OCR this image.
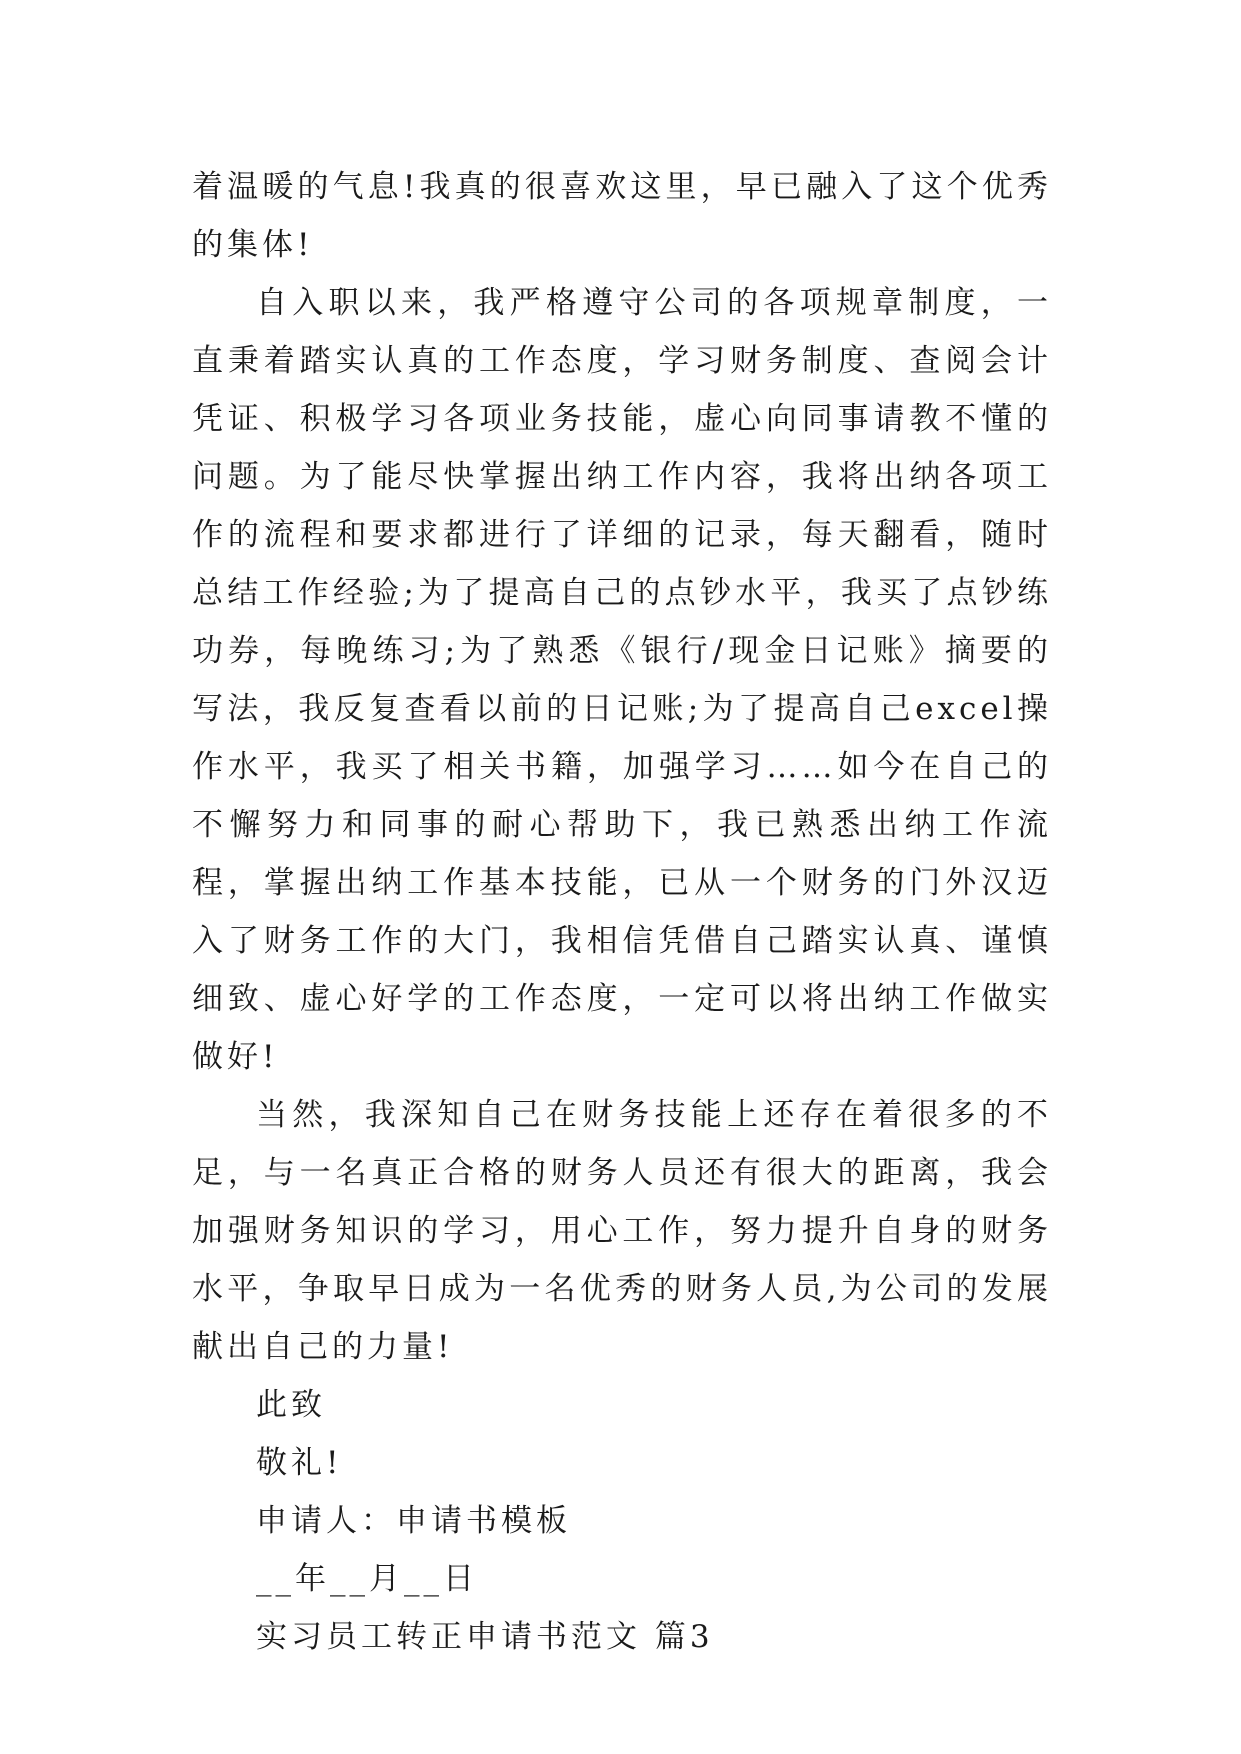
着温暖的气息!我真的很喜欢这里，早已融入了这个优秀的集体!

自入职以来，我严格遵守公司的各项规章制度，一直秉着踏实认真的工作态度，学习财务制度、查阅会计凭证、积极学习各项业务技能，虚心向同事请教不懂的问题。为了能尽快掌握出纳工作内容，我将出纳各项工作的流程和要求都进行了详细的记录，每天翻看，随时总结工作经验;为了提高自己的点钞水平，我买了点钞练功券，每晚练习;为了熟悉《银行/现金日记账》摘要的写法，我反复查看以前的日记账;为了提高自己excel操作水平，我买了相关书籍，加强学习……如今在自己的不懈努力和同事的耐心帮助下，我已熟悉出纳工作流程，掌握出纳工作基本技能，已从一个财务的门外汉迈入了财务工作的大门，我相信凭借自己踏实认真、谨慎细致、虚心好学的工作态度，一定可以将出纳工作做实做好!

当然，我深知自己在财务技能上还存在着很多的不足，与一名真正合格的财务人员还有很大的距离，我会加强财务知识的学习，用心工作，努力提升自身的财务水平，争取早日成为一名优秀的财务人员,为公司的发展献出自己的力量!

此致

敬礼!

申请人：申请书模板

__年__月__日

实习员工转正申请书范文 篇3
